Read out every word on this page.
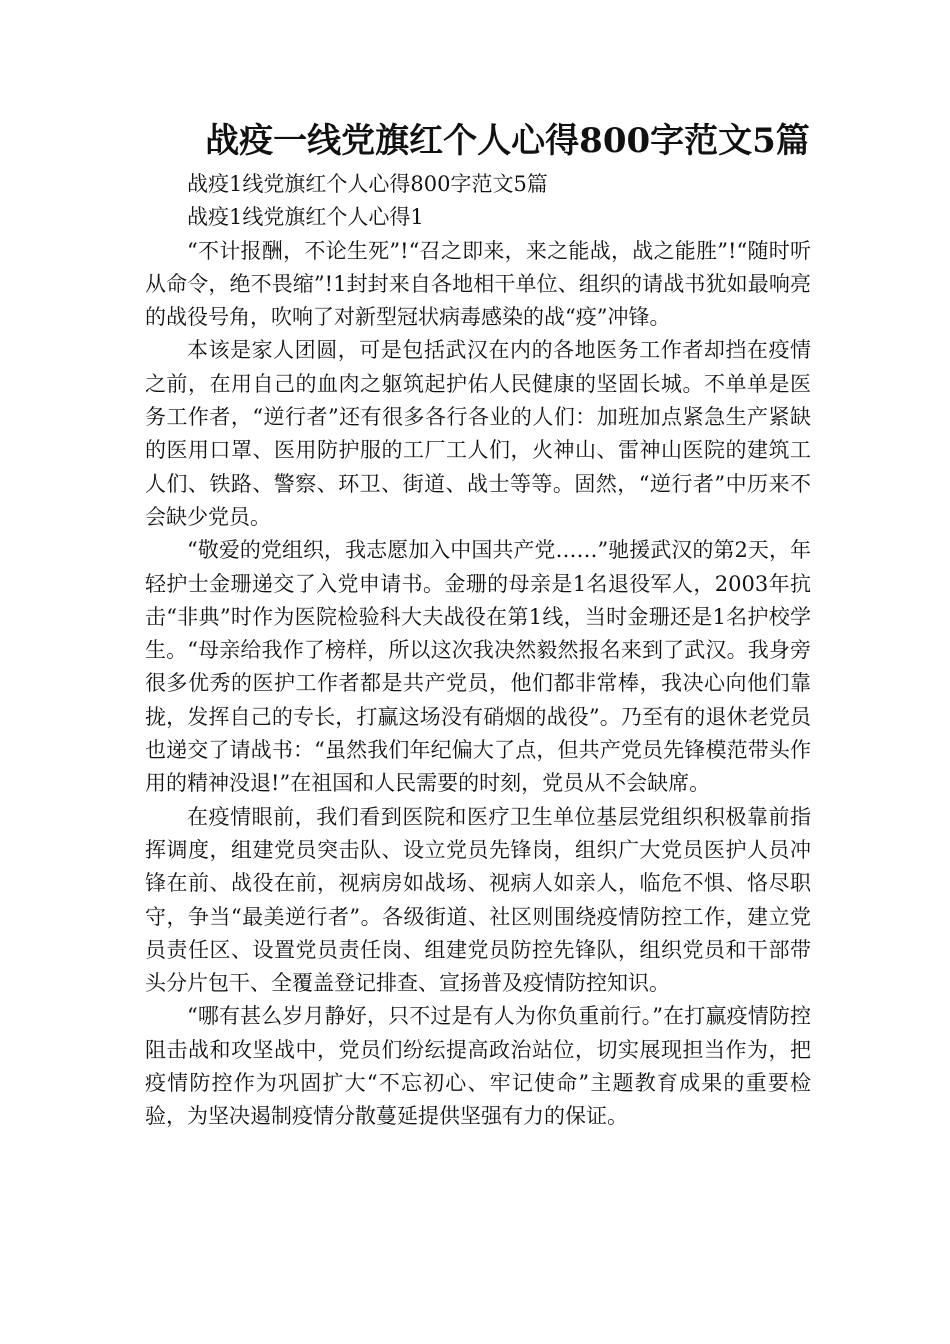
战疫一线党旗红个人心得800字范文5篇

战疫1线党旗红个人心得800字范文5篇

战疫1线党旗红个人心得1

“不计报酬，不论生死”!“召之即来，来之能战，战之能胜”!“随时听从命令，绝不畏缩”!1封封来自各地相干单位、组织的请战书犹如最响亮的战役号角，吹响了对新型冠状病毒感染的战“疫”冲锋。

本该是家人团圆，可是包括武汉在内的各地医务工作者却挡在疫情之前，在用自己的血肉之躯筑起护佑人民健康的坚固长城。不单单是医务工作者，“逆行者”还有很多各行各业的人们：加班加点紧急生产紧缺的医用口罩、医用防护服的工厂工人们，火神山、雷神山医院的建筑工人们、铁路、警察、环卫、街道、战士等等。固然，“逆行者”中历来不会缺少党员。

“敬爱的党组织，我志愿加入中国共产党……”驰援武汉的第2天，年轻护士金珊递交了入党申请书。金珊的母亲是1名退役军人，2003年抗击“非典”时作为医院检验科大夫战役在第1线，当时金珊还是1名护校学生。“母亲给我作了榜样，所以这次我决然毅然报名来到了武汉。我身旁很多优秀的医护工作者都是共产党员，他们都非常棒，我决心向他们靠拢，发挥自己的专长，打赢这场没有硝烟的战役”。乃至有的退休老党员也递交了请战书：“虽然我们年纪偏大了点，但共产党员先锋模范带头作用的精神没退!”在祖国和人民需要的时刻，党员从不会缺席。

在疫情眼前，我们看到医院和医疗卫生单位基层党组织积极靠前指挥调度，组建党员突击队、设立党员先锋岗，组织广大党员医护人员冲锋在前、战役在前，视病房如战场、视病人如亲人，临危不惧、恪尽职守，争当“最美逆行者”。各级街道、社区则围绕疫情防控工作，建立党员责任区、设置党员责任岗、组建党员防控先锋队，组织党员和干部带头分片包干、全覆盖登记排查、宣扬普及疫情防控知识。

“哪有甚么岁月静好，只不过是有人为你负重前行。”在打赢疫情防控阻击战和攻坚战中，党员们纷纭提高政治站位，切实展现担当作为，把疫情防控作为巩固扩大“不忘初心、牢记使命”主题教育成果的重要检验，为坚决遏制疫情分散蔓延提供坚强有力的保证。
